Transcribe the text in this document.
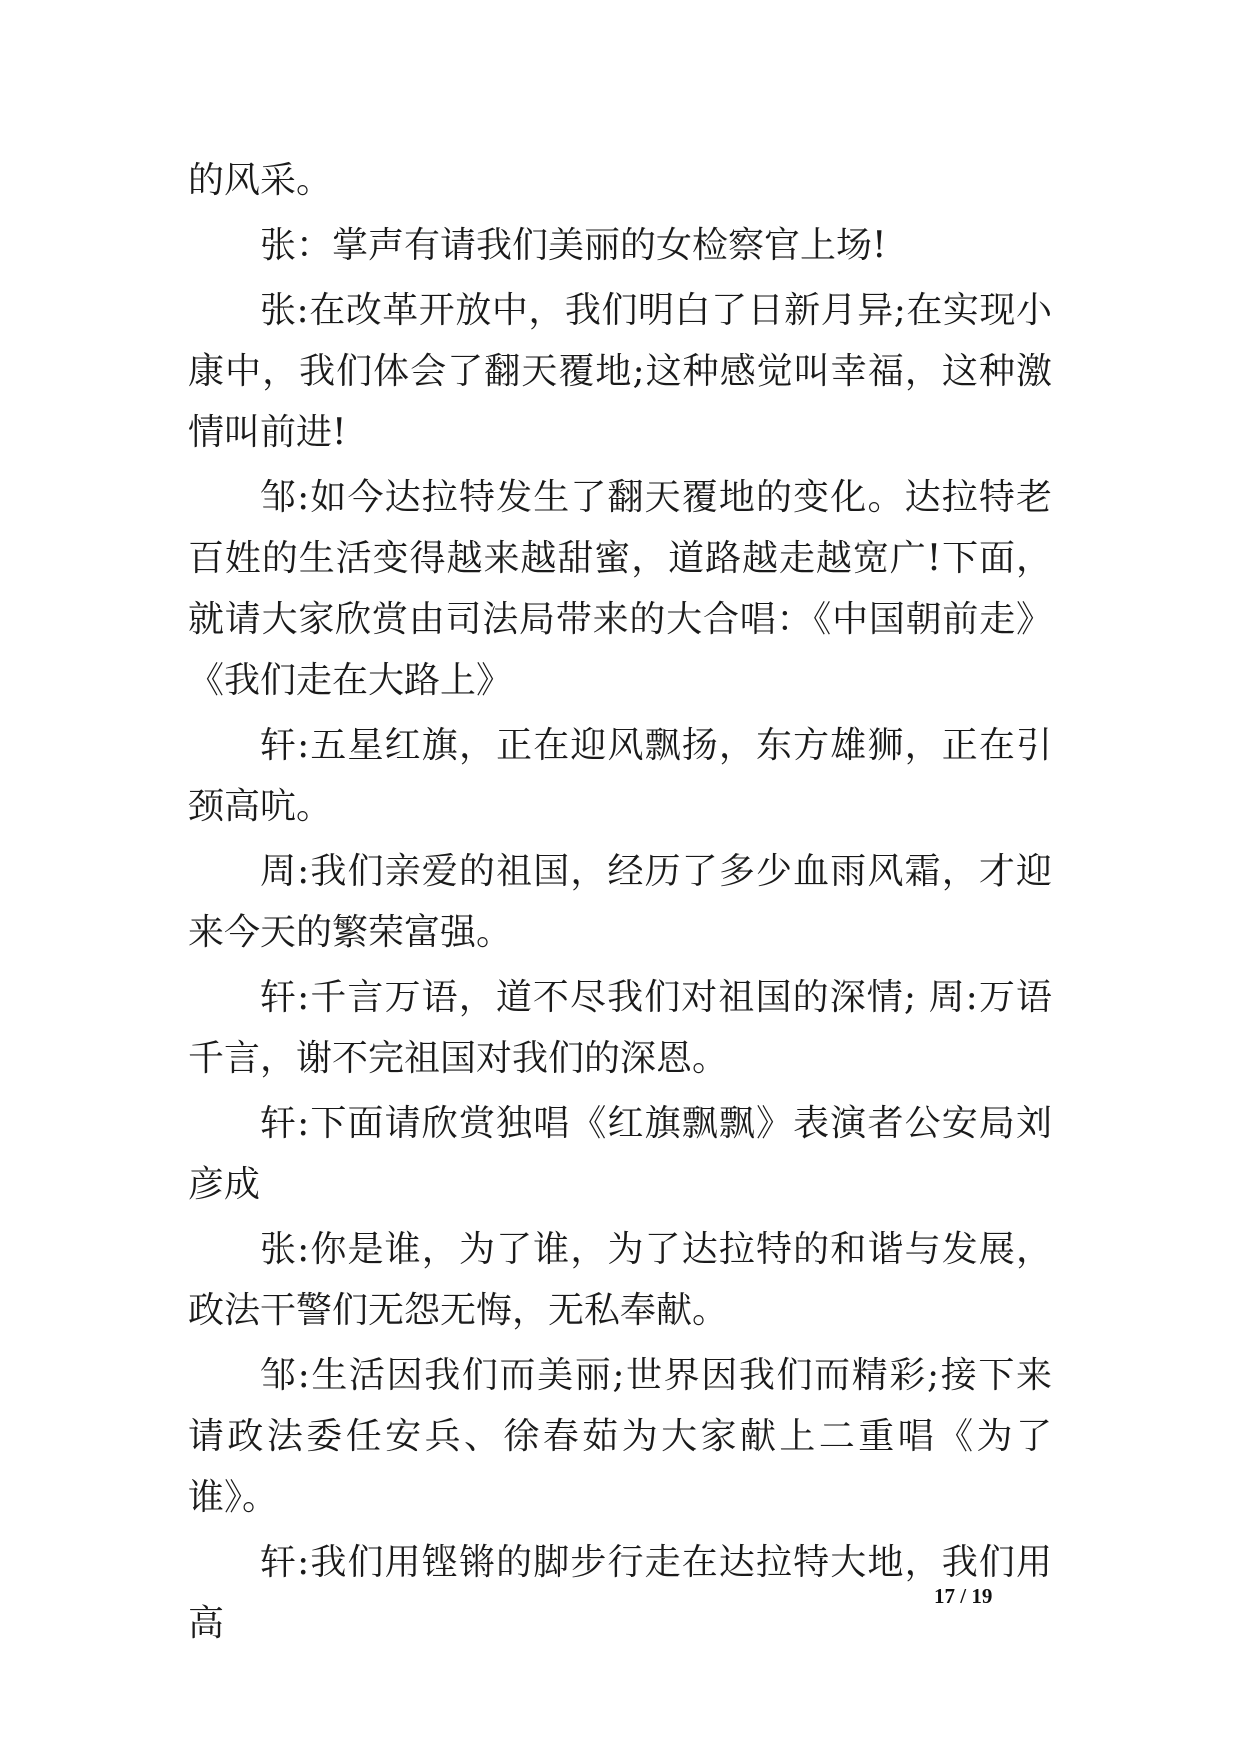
的风采。

张：掌声有请我们美丽的女检察官上场!

张:在改革开放中，我们明白了日新月异;在实现小康中，我们体会了翻天覆地;这种感觉叫幸福，这种激情叫前进!

邹:如今达拉特发生了翻天覆地的变化。达拉特老百姓的生活变得越来越甜蜜，道路越走越宽广!下面，就请大家欣赏由司法局带来的大合唱：《中国朝前走》《我们走在大路上》

轩:五星红旗，正在迎风飘扬，东方雄狮，正在引颈高吭。

周:我们亲爱的祖国，经历了多少血雨风霜，才迎来今天的繁荣富强。

轩:千言万语，道不尽我们对祖国的深情; 周:万语千言，谢不完祖国对我们的深恩。

轩:下面请欣赏独唱《红旗飘飘》表演者公安局刘彦成

张:你是谁，为了谁，为了达拉特的和谐与发展，政法干警们无怨无悔，无私奉献。

邹:生活因我们而美丽;世界因我们而精彩;接下来请政法委任安兵、徐春茹为大家献上二重唱《为了谁》。

轩:我们用铿锵的脚步行走在达拉特大地，我们用高

17 / 19
